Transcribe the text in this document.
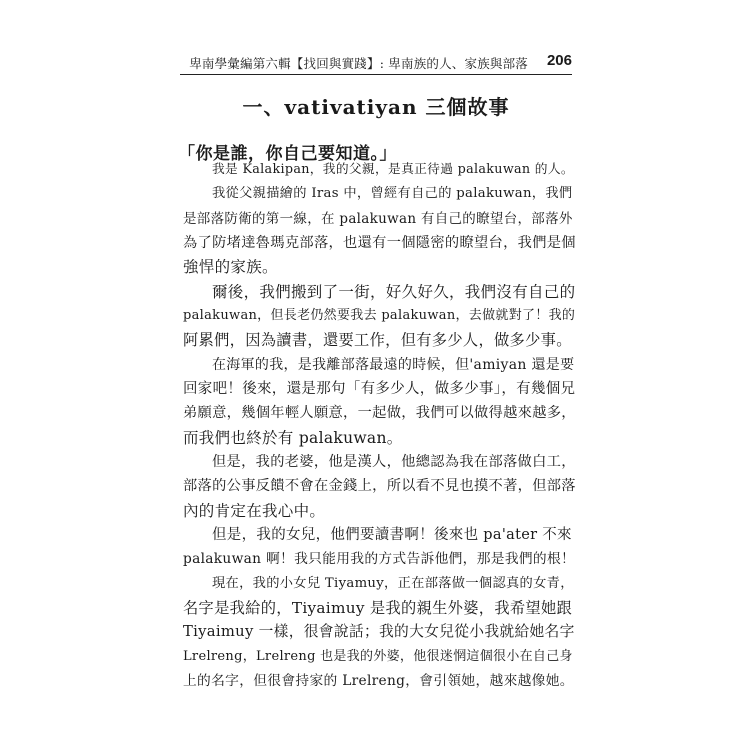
卑南學彙編第六輯【找回與實踐】: 卑南族的人、家族與部落 206
一、vativatiyan 三個故事
「你是誰，你自己要知道。」
我是 Kalakipan，我的父親，是真正待過 palakuwan 的人。
我從父親描繪的 Iras 中，曾經有自己的 palakuwan，我們
是部落防衛的第一線，在 palakuwan 有自己的瞭望台，部落外
為了防堵達魯瑪克部落，也還有一個隱密的瞭望台，我們是個
強悍的家族。
爾後，我們搬到了一街，好久好久，我們沒有自己的
palakuwan，但長老仍然要我去 palakuwan，去做就對了！我的
阿累們，因為讀書，還要工作，但有多少人，做多少事。
在海軍的我，是我離部落最遠的時候，但'amiyan 還是要
回家吧！後來，還是那句「有多少人，做多少事」，有幾個兄
弟願意，幾個年輕人願意，一起做，我們可以做得越來越多，
而我們也終於有 palakuwan。
但是，我的老婆，他是漢人，他總認為我在部落做白工，
部落的公事反饋不會在金錢上，所以看不見也摸不著，但部落
內的肯定在我心中。
但是，我的女兒，他們要讀書啊！後來也 pa'ater 不來
palakuwan 啊！我只能用我的方式告訴他們，那是我們的根！
現在，我的小女兒 Tiyamuy，正在部落做一個認真的女青，
名字是我給的，Tiyaimuy 是我的親生外婆，我希望她跟
Tiyaimuy 一樣，很會說話；我的大女兒從小我就給她名字
Lrelreng，Lrelreng 也是我的外婆，他很迷惘這個很小在自己身
上的名字，但很會持家的 Lrelreng，會引領她，越來越像她。
